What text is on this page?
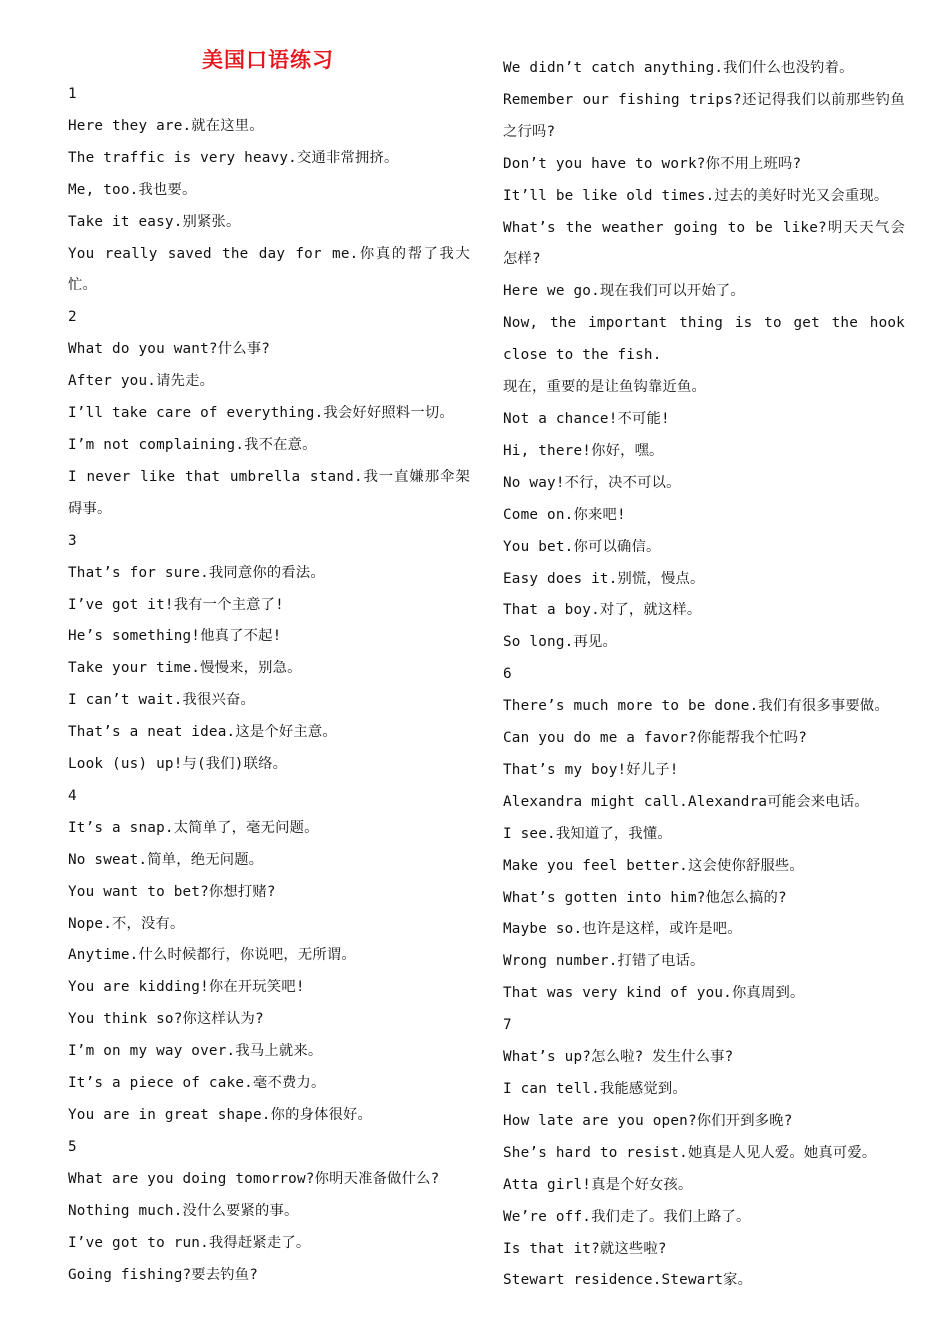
美国口语练习
1
Here they are.就在这里。
The traffic is very heavy.交通非常拥挤。
Me, too.我也要。
Take it easy.别紧张。
You really saved the day for me.你真的帮了我大忙。
2
What do you want?什么事?
After you.请先走。
I’ll take care of everything.我会好好照料一切。
I’m not complaining.我不在意。
I never like that umbrella stand.我一直嫌那伞架碍事。
3
That’s for sure.我同意你的看法。
I’ve got it!我有一个主意了!
He’s something!他真了不起!
Take your time.慢慢来，别急。
I can’t wait.我很兴奋。
That’s a neat idea.这是个好主意。
Look (us) up!与(我们)联络。
4
It’s a snap.太简单了，毫无问题。
No sweat.简单，绝无问题。
You want to bet?你想打赌?
Nope.不，没有。
Anytime.什么时候都行，你说吧，无所谓。
You are kidding!你在开玩笑吧!
You think so?你这样认为?
I’m on my way over.我马上就来。
It’s a piece of cake.毫不费力。
You are in great shape.你的身体很好。
5
What are you doing tomorrow?你明天准备做什么?
Nothing much.没什么要紧的事。
I’ve got to run.我得赶紧走了。
Going fishing?要去钓鱼?
We didn’t catch anything.我们什么也没钓着。
Remember our fishing trips?还记得我们以前那些钓鱼之行吗?
Don’t you have to work?你不用上班吗?
It’ll be like old times.过去的美好时光又会重现。
What’s the weather going to be like?明天天气会怎样?
Here we go.现在我们可以开始了。
Now, the important thing is to get the hook close to the fish.
现在，重要的是让鱼钩靠近鱼。
Not a chance!不可能!
Hi, there!你好，嘿。
No way!不行，决不可以。
Come on.你来吧!
You bet.你可以确信。
Easy does it.别慌，慢点。
That a boy.对了，就这样。
So long.再见。
6
There’s much more to be done.我们有很多事要做。
Can you do me a favor?你能帮我个忙吗?
That’s my boy!好儿子!
Alexandra might call.Alexandra可能会来电话。
I see.我知道了，我懂。
Make you feel better.这会使你舒服些。
What’s gotten into him?他怎么搞的?
Maybe so.也许是这样，或许是吧。
Wrong number.打错了电话。
That was very kind of you.你真周到。
7
What’s up?怎么啦? 发生什么事?
I can tell.我能感觉到。
How late are you open?你们开到多晚?
She’s hard to resist.她真是人见人爱。她真可爱。
Atta girl!真是个好女孩。
We’re off.我们走了。我们上路了。
Is that it?就这些啦?
Stewart residence.Stewart家。
